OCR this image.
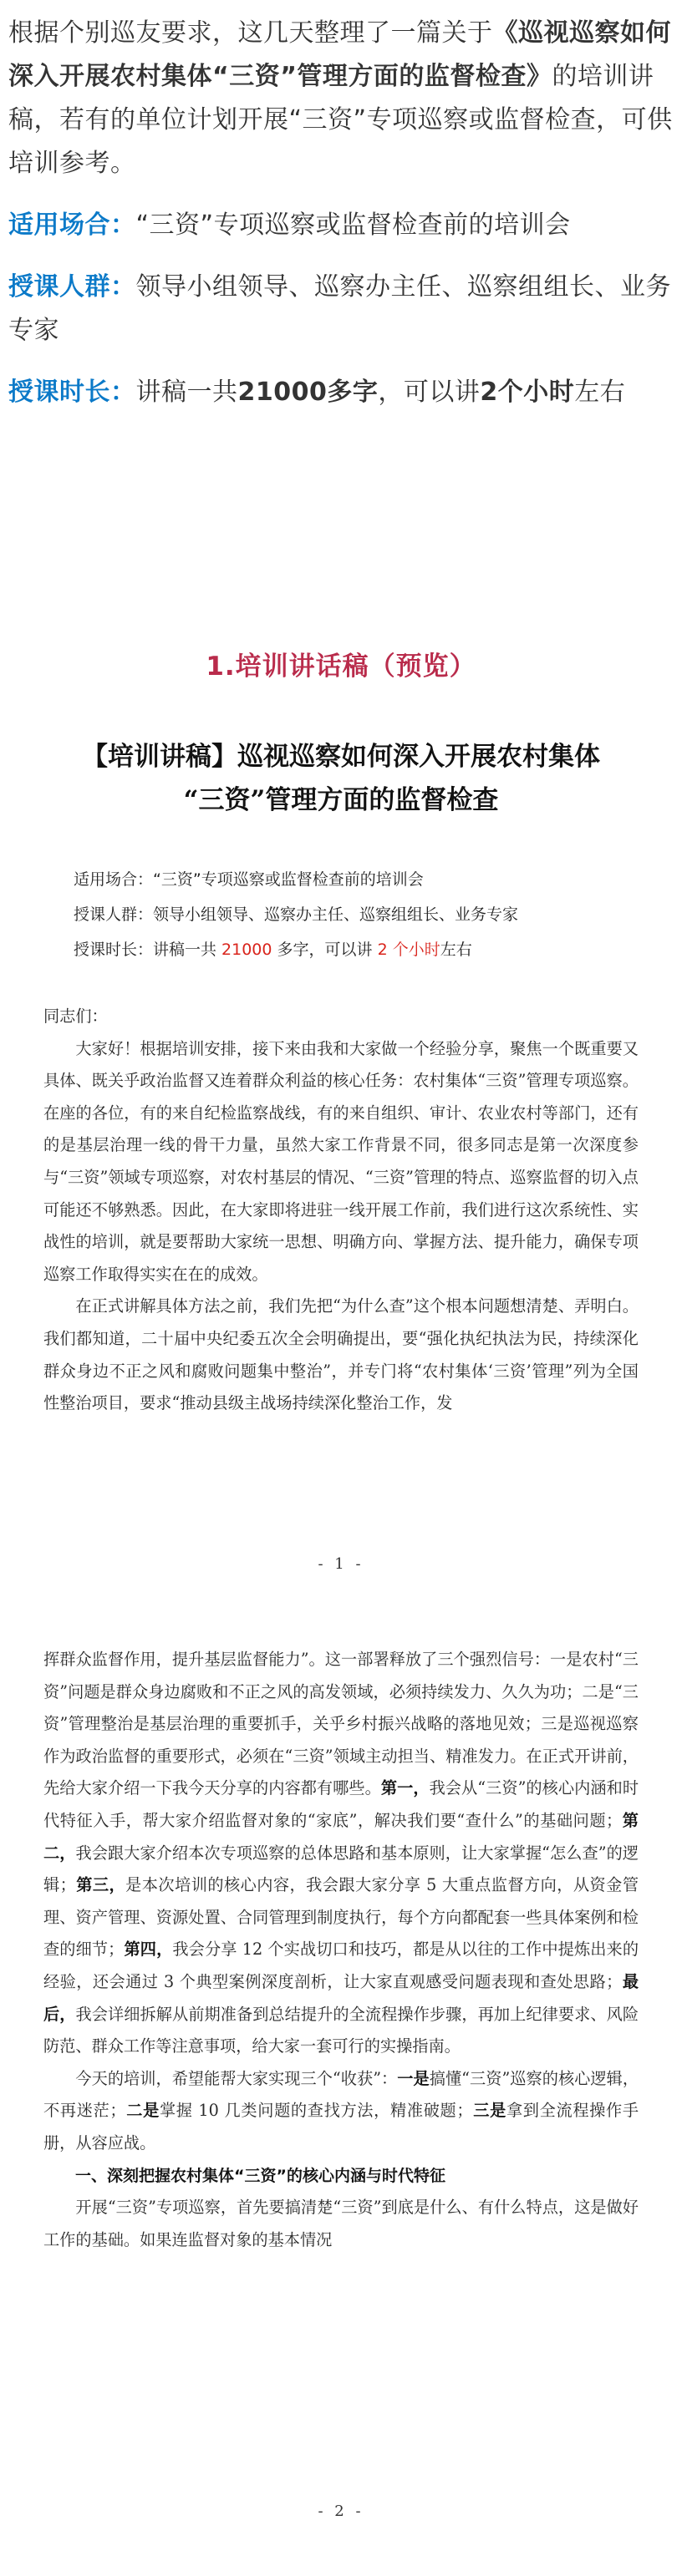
根据个别巡友要求，这几天整理了一篇关于《巡视巡察如何深入开展农村集体“三资”管理方面的监督检查》的培训讲稿，若有的单位计划开展“三资”专项巡察或监督检查，可供培训参考。

适用场合：“三资”专项巡察或监督检查前的培训会

授课人群：领导小组领导、巡察办主任、巡察组组长、业务专家

授课时长：讲稿一共21000多字，可以讲2个小时左右

1.培训讲话稿（预览）
【培训讲稿】巡视巡察如何深入开展农村集体
“三资”管理方面的监督检查
适用场合：“三资”专项巡察或监督检查前的培训会
授课人群：领导小组领导、巡察办主任、巡察组组长、业务专家
授课时长：讲稿一共 21000 多字，可以讲 2 个小时左右

同志们：

大家好！根据培训安排，接下来由我和大家做一个经验分享，聚焦一个既重要又具体、既关乎政治监督又连着群众利益的核心任务：农村集体“三资”管理专项巡察。在座的各位，有的来自纪检监察战线，有的来自组织、审计、农业农村等部门，还有的是基层治理一线的骨干力量，虽然大家工作背景不同，很多同志是第一次深度参与“三资”领域专项巡察，对农村基层的情况、“三资”管理的特点、巡察监督的切入点可能还不够熟悉。因此，在大家即将进驻一线开展工作前，我们进行这次系统性、实战性的培训，就是要帮助大家统一思想、明确方向、掌握方法、提升能力，确保专项巡察工作取得实实在在的成效。

在正式讲解具体方法之前，我们先把“为什么查”这个根本问题想清楚、弄明白。我们都知道，二十届中央纪委五次全会明确提出，要“强化执纪执法为民，持续深化群众身边不正之风和腐败问题集中整治”，并专门将“农村集体‘三资’管理”列为全国性整治项目，要求“推动县级主战场持续深化整治工作，发

- 1 -

挥群众监督作用，提升基层监督能力”。这一部署释放了三个强烈信号：一是农村“三资”问题是群众身边腐败和不正之风的高发领域，必须持续发力、久久为功；二是“三资”管理整治是基层治理的重要抓手，关乎乡村振兴战略的落地见效；三是巡视巡察作为政治监督的重要形式，必须在“三资”领域主动担当、精准发力。在正式开讲前，先给大家介绍一下我今天分享的内容都有哪些。第一，我会从“三资”的核心内涵和时代特征入手，帮大家介绍监督对象的“家底”，解决我们要“查什么”的基础问题；第二，我会跟大家介绍本次专项巡察的总体思路和基本原则，让大家掌握“怎么查”的逻辑；第三，是本次培训的核心内容，我会跟大家分享 5 大重点监督方向，从资金管理、资产管理、资源处置、合同管理到制度执行，每个方向都配套一些具体案例和检查的细节；第四，我会分享 12 个实战切口和技巧，都是从以往的工作中提炼出来的经验，还会通过 3 个典型案例深度剖析，让大家直观感受问题表现和查处思路；最后，我会详细拆解从前期准备到总结提升的全流程操作步骤，再加上纪律要求、风险防范、群众工作等注意事项，给大家一套可行的实操指南。

今天的培训，希望能帮大家实现三个“收获”：一是搞懂“三资”巡察的核心逻辑，不再迷茫；二是掌握 10 几类问题的查找方法，精准破题；三是拿到全流程操作手册，从容应战。

一、深刻把握农村集体“三资”的核心内涵与时代特征

开展“三资”专项巡察，首先要搞清楚“三资”到底是什么、有什么特点，这是做好工作的基础。如果连监督对象的基本情况

- 2 -
